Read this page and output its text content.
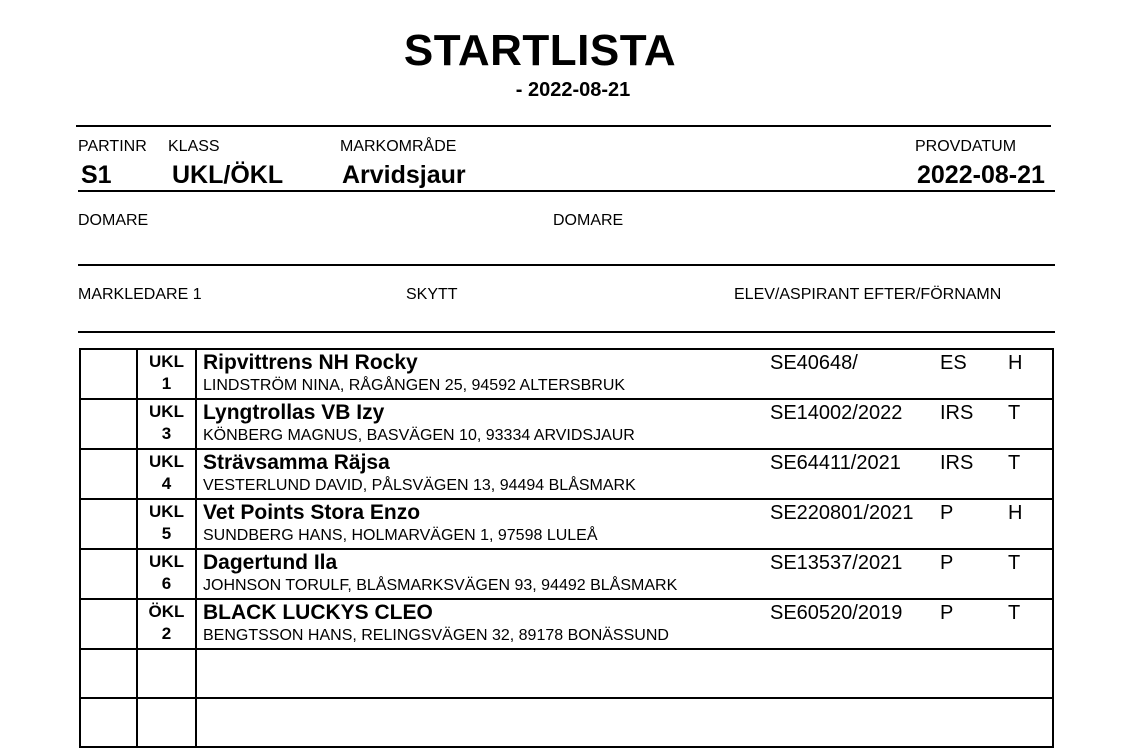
STARTLISTA
- 2022-08-21
PARTINR KLASS	MARKOMRÅDE	PROVDATUM
S1 UKL/ÖKL Arvidsjaur	2022-08-21
DOMARE	DOMARE
MARKLEDARE 1	SKYTT	ELEV/ASPIRANT EFTER/FÖRNAMN
	UKL
1	Ripvittrens NH Rocky
LINDSTRÖM NINA, RÅGÅNGEN 25, 94592 ALTERSBRUK
SE40648/ ES H

	UKL
3	Lyngtrollas VB Izy
KÖNBERG MAGNUS, BASVÄGEN 10, 93334 ARVIDSJAUR
SE14002/2022 IRS T

	UKL
4	Strävsamma Räjsa
VESTERLUND DAVID, PÅLSVÄGEN 13, 94494 BLÅSMARK
SE64411/2021 IRS T

	UKL
5	Vet Points Stora Enzo
SUNDBERG HANS, HOLMARVÄGEN 1, 97598 LULEÅ
SE220801/2021 P H

	UKL
6	Dagertund Ila
JOHNSON TORULF, BLÅSMARKSVÄGEN 93, 94492 BLÅSMARK
SE13537/2021 P T

	ÖKL
2	BLACK LUCKYS CLEO
BENGTSSON HANS, RELINGSVÄGEN 32, 89178 BONÄSSUND
SE60520/2019 P T
